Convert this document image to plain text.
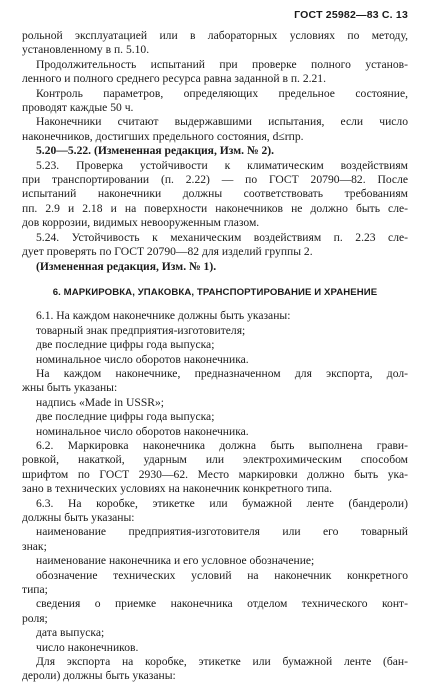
ГОСТ 25982—83 С. 13
рольной эксплуатацией или в лабораторных условиях по методу,
установленному в п. 5.10.
Продолжительность испытаний при проверке полного установ-
ленного и полного среднего ресурса равна заданной в п. 2.21.
Контроль параметров, определяющих предельное состояние,
проводят каждые 50 ч.
Наконечники считают выдержавшими испытания, если число
наконечников, достигших предельного состояния, d≤rпр.
5.20—5.22. (Измененная редакция, Изм. № 2).
5.23. Проверка устойчивости к климатическим воздействиям
при транспортировании (п. 2.22) — по ГОСТ 20790—82. После
испытаний наконечники должны соответствовать требованиям
пп. 2.9 и 2.18 и на поверхности наконечников не должно быть сле-
дов коррозии, видимых невооруженным глазом.
5.24. Устойчивость к механическим воздействиям п. 2.23 сле-
дует проверять по ГОСТ 20790—82 для изделий группы 2.
(Измененная редакция, Изм. № 1).
6. МАРКИРОВКА, УПАКОВКА, ТРАНСПОРТИРОВАНИЕ И ХРАНЕНИЕ
6.1. На каждом наконечнике должны быть указаны:
товарный знак предприятия-изготовителя;
две последние цифры года выпуска;
номинальное число оборотов наконечника.
На каждом наконечнике, предназначенном для экспорта, дол-
жны быть указаны:
надпись «Made in USSR»;
две последние цифры года выпуска;
номинальное число оборотов наконечника.
6.2. Маркировка наконечника должна быть выполнена грави-
ровкой, накаткой, ударным или электрохимическим способом
шрифтом по ГОСТ 2930—62. Место маркировки должно быть ука-
зано в технических условиях на наконечник конкретного типа.
6.3. На коробке, этикетке или бумажной ленте (бандероли)
должны быть указаны:
наименование предприятия-изготовителя или его товарный
знак;
наименование наконечника и его условное обозначение;
обозначение технических условий на наконечник конкретного
типа;
сведения о приемке наконечника отделом технического конт-
роля;
дата выпуска;
число наконечников.
Для экспорта на коробке, этикетке или бумажной ленте (бан-
дероли) должны быть указаны:
